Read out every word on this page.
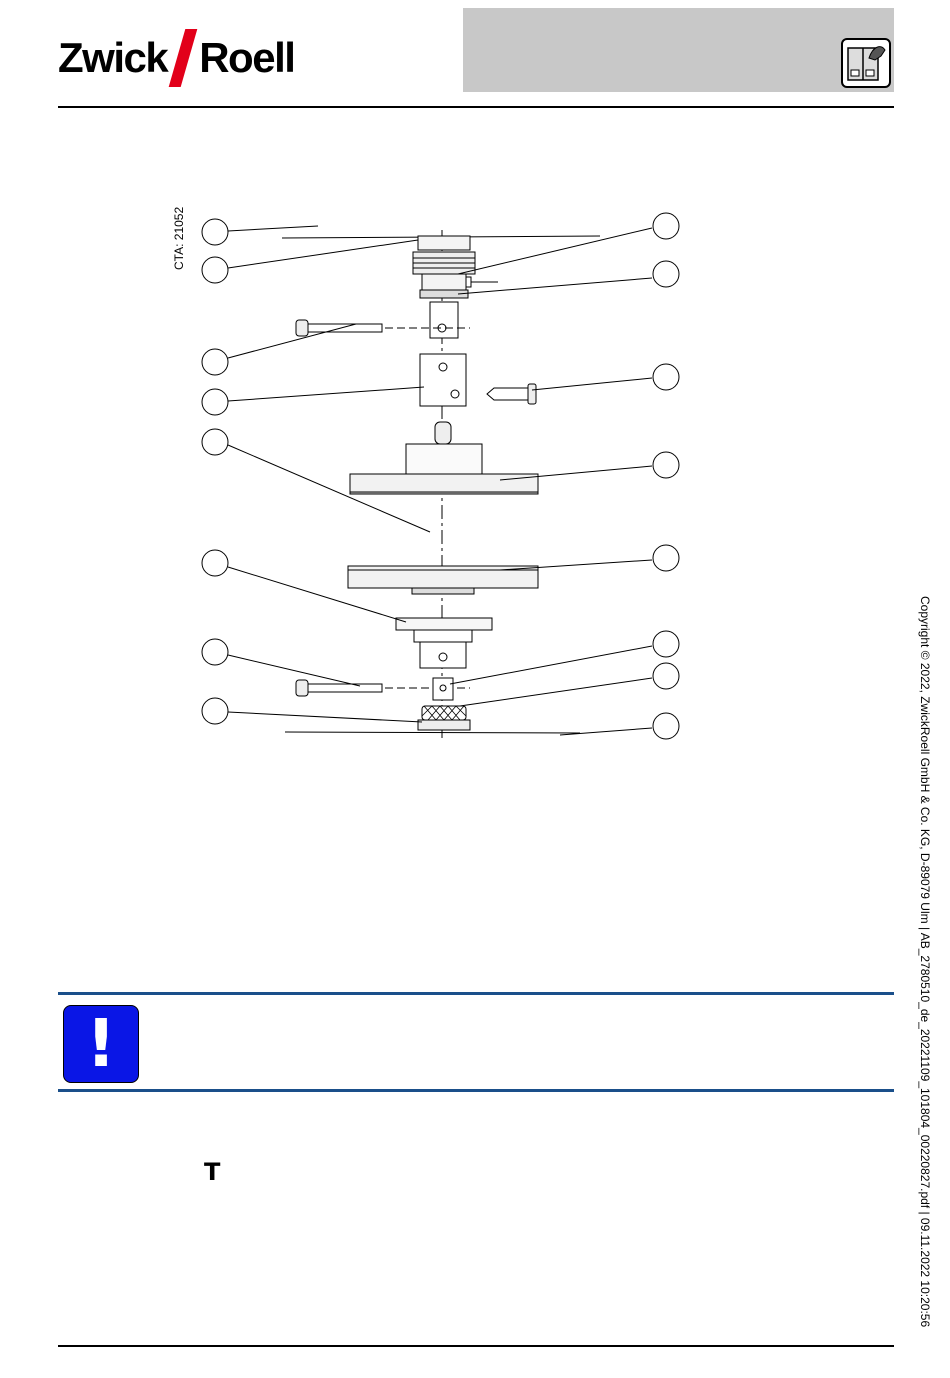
Zwick Roell
CTA: 21052
Copyright © 2022, ZwickRoell GmbH & Co. KG, D-89079 Ulm | AB_2780510_de_20221109_101804_00220827.pdf | 09.11.2022 10:20:56
!
T
